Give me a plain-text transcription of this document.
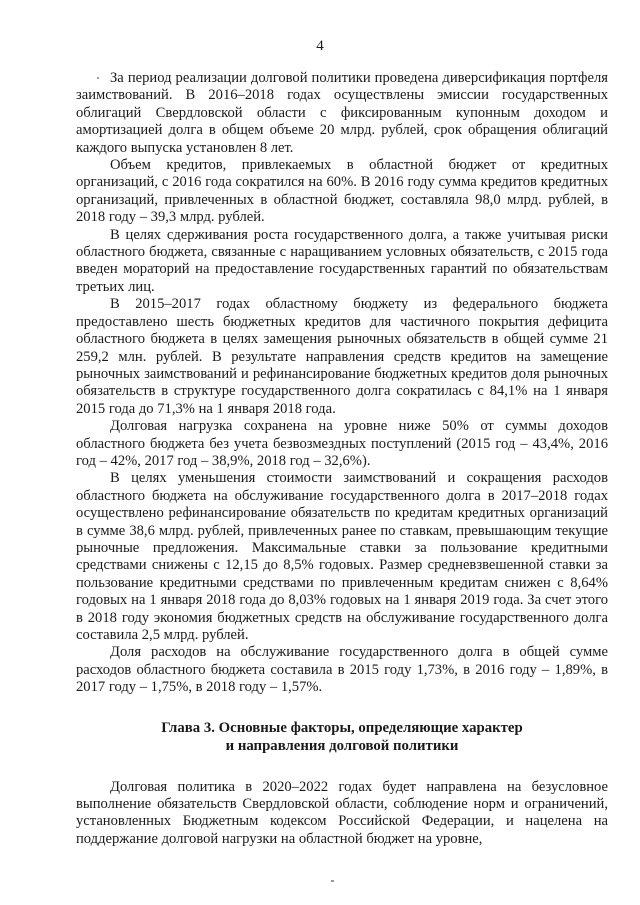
4

За период реализации долговой политики проведена диверсификация портфеля заимствований. В 2016–2018 годах осуществлены эмиссии государственных облигаций Свердловской области с фиксированным купонным доходом и амортизацией долга в общем объеме 20 млрд. рублей, срок обращения облигаций каждого выпуска установлен 8 лет.

Объем кредитов, привлекаемых в областной бюджет от кредитных организаций, с 2016 года сократился на 60%. В 2016 году сумма кредитов кредитных организаций, привлеченных в областной бюджет, составляла 98,0 млрд. рублей, в 2018 году – 39,3 млрд. рублей.

В целях сдерживания роста государственного долга, а также учитывая риски областного бюджета, связанные с наращиванием условных обязательств, с 2015 года введен мораторий на предоставление государственных гарантий по обязательствам третьих лиц.

В 2015–2017 годах областному бюджету из федерального бюджета предоставлено шесть бюджетных кредитов для частичного покрытия дефицита областного бюджета в целях замещения рыночных обязательств в общей сумме 21 259,2 млн. рублей. В результате направления средств кредитов на замещение рыночных заимствований и рефинансирование бюджетных кредитов доля рыночных обязательств в структуре государственного долга сократилась с 84,1% на 1 января 2015 года до 71,3% на 1 января 2018 года.

Долговая нагрузка сохранена на уровне ниже 50% от суммы доходов областного бюджета без учета безвозмездных поступлений (2015 год – 43,4%, 2016 год – 42%, 2017 год – 38,9%, 2018 год – 32,6%).

В целях уменьшения стоимости заимствований и сокращения расходов областного бюджета на обслуживание государственного долга в 2017–2018 годах осуществлено рефинансирование обязательств по кредитам кредитных организаций в сумме 38,6 млрд. рублей, привлеченных ранее по ставкам, превышающим текущие рыночные предложения. Максимальные ставки за пользование кредитными средствами снижены с 12,15 до 8,5% годовых. Размер средневзвешенной ставки за пользование кредитными средствами по привлеченным кредитам снижен с 8,64% годовых на 1 января 2018 года до 8,03% годовых на 1 января 2019 года. За счет этого в 2018 году экономия бюджетных средств на обслуживание государственного долга составила 2,5 млрд. рублей.

Доля расходов на обслуживание государственного долга в общей сумме расходов областного бюджета составила в 2015 году 1,73%, в 2016 году – 1,89%, в 2017 году – 1,75%, в 2018 году – 1,57%.

Глава 3. Основные факторы, определяющие характер
и направления долговой политики

Долговая политика в 2020–2022 годах будет направлена на безусловное выполнение обязательств Свердловской области, соблюдение норм и ограничений, установленных Бюджетным кодексом Российской Федерации, и нацелена на поддержание долговой нагрузки на областной бюджет на уровне,
